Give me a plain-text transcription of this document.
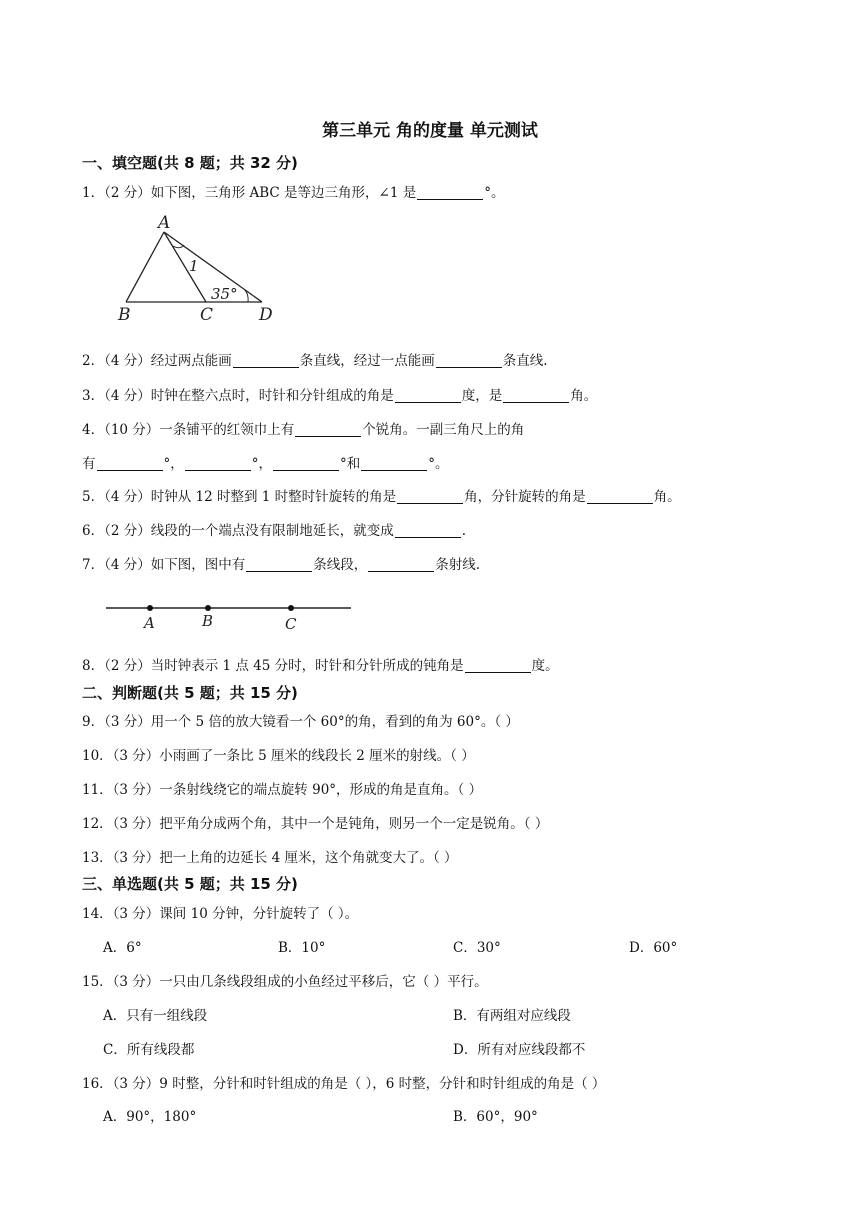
第三单元 角的度量 单元测试
一、填空题(共 8 题；共 32 分)
1．（2 分）如下图，三角形 ABC 是等边三角形，∠1 是	°。
A
B	C	D
1
35°
2．（4 分）经过两点能画	条直线，经过一点能画	条直线.
3．（4 分）时钟在整六点时，时针和分针组成的角是	度，是	角。
4．（10 分）一条铺平的红领巾上有	个锐角。一副三角尺上的角
有	°，	°，	°和	°。
5．（4 分）时钟从 12 时整到 1 时整时针旋转的角是	角，分针旋转的角是	角。
6．（2 分）线段的一个端点没有限制地延长，就变成	.
7．（4 分）如下图，图中有	条线段，	条射线.
A	B	C
8．（2 分）当时钟表示 1 点 45 分时，时针和分针所成的钝角是	度。
二、判断题(共 5 题；共 15 分)
9．（3 分）用一个 5 倍的放大镜看一个 60°的角，看到的角为 60°。（ ）
10．（3 分）小雨画了一条比 5 厘米的线段长 2 厘米的射线。（ ）
11．（3 分）一条射线绕它的端点旋转 90°，形成的角是直角。（ ）
12．（3 分）把平角分成两个角，其中一个是钝角，则另一个一定是锐角。（ ）
13．（3 分）把一上角的边延长 4 厘米，这个角就变大了。（ ）
三、单选题(共 5 题；共 15 分)
14．（3 分）课间 10 分钟，分针旋转了（ ）。
A．6°	B．10°	C．30°	D．60°
15．（3 分）一只由几条线段组成的小鱼经过平移后，它（ ）平行。
A．只有一组线段	B．有两组对应线段
C．所有线段都	D．所有对应线段都不
16．（3 分）9 时整，分针和时针组成的角是（ ），6 时整，分针和时针组成的角是（ ）
A．90°，180°	B．60°，90°
